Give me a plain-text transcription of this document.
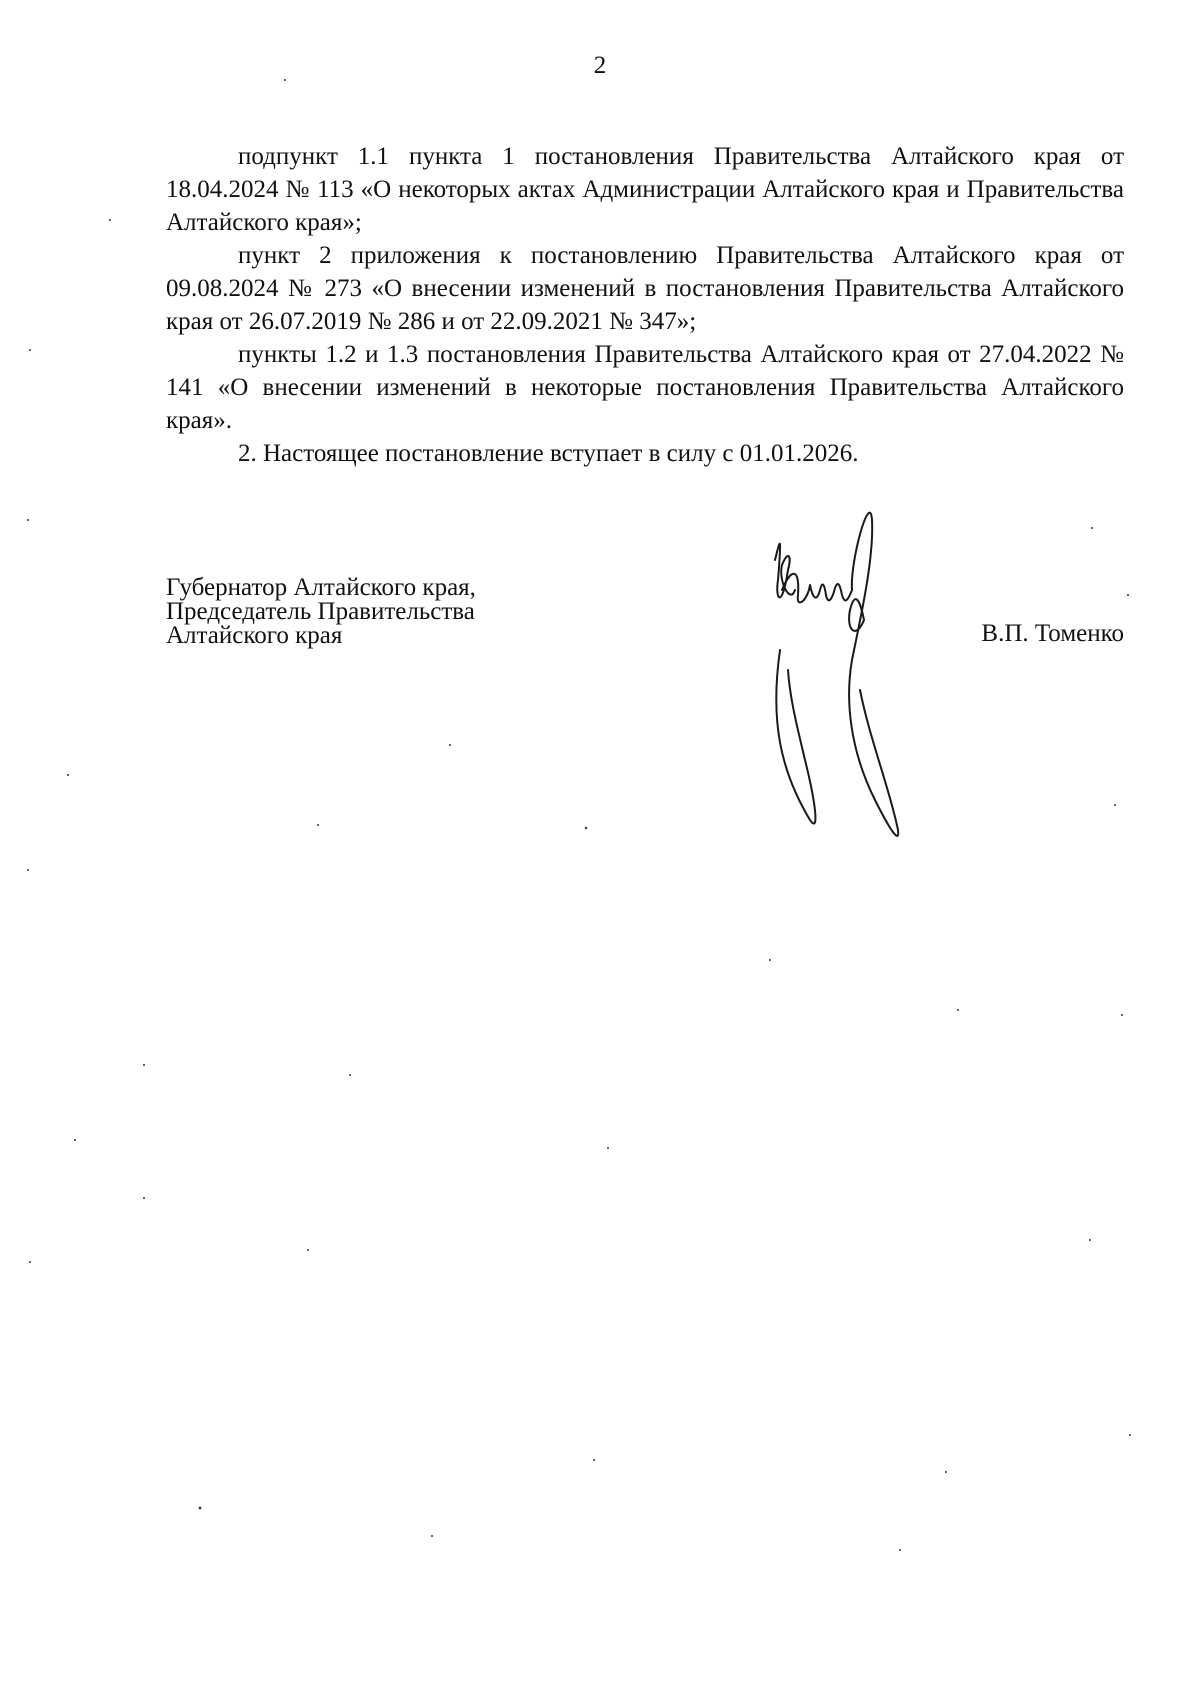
2

подпункт 1.1 пункта 1 постановления Правительства Алтайского края от 18.04.2024 № 113 «О некоторых актах Администрации Алтайского края и Правительства Алтайского края»;

пункт 2 приложения к постановлению Правительства Алтайского края от 09.08.2024 № 273 «О внесении изменений в постановления Правительства Алтайского края от 26.07.2019 № 286 и от 22.09.2021 № 347»;

пункты 1.2 и 1.3 постановления Правительства Алтайского края от 27.04.2022 № 141 «О внесении изменений в некоторые постановления Правительства Алтайского края».

2. Настоящее постановление вступает в силу с 01.01.2026.

Губернатор Алтайского края,
Председатель Правительства
Алтайского края	В.П. Томенко
